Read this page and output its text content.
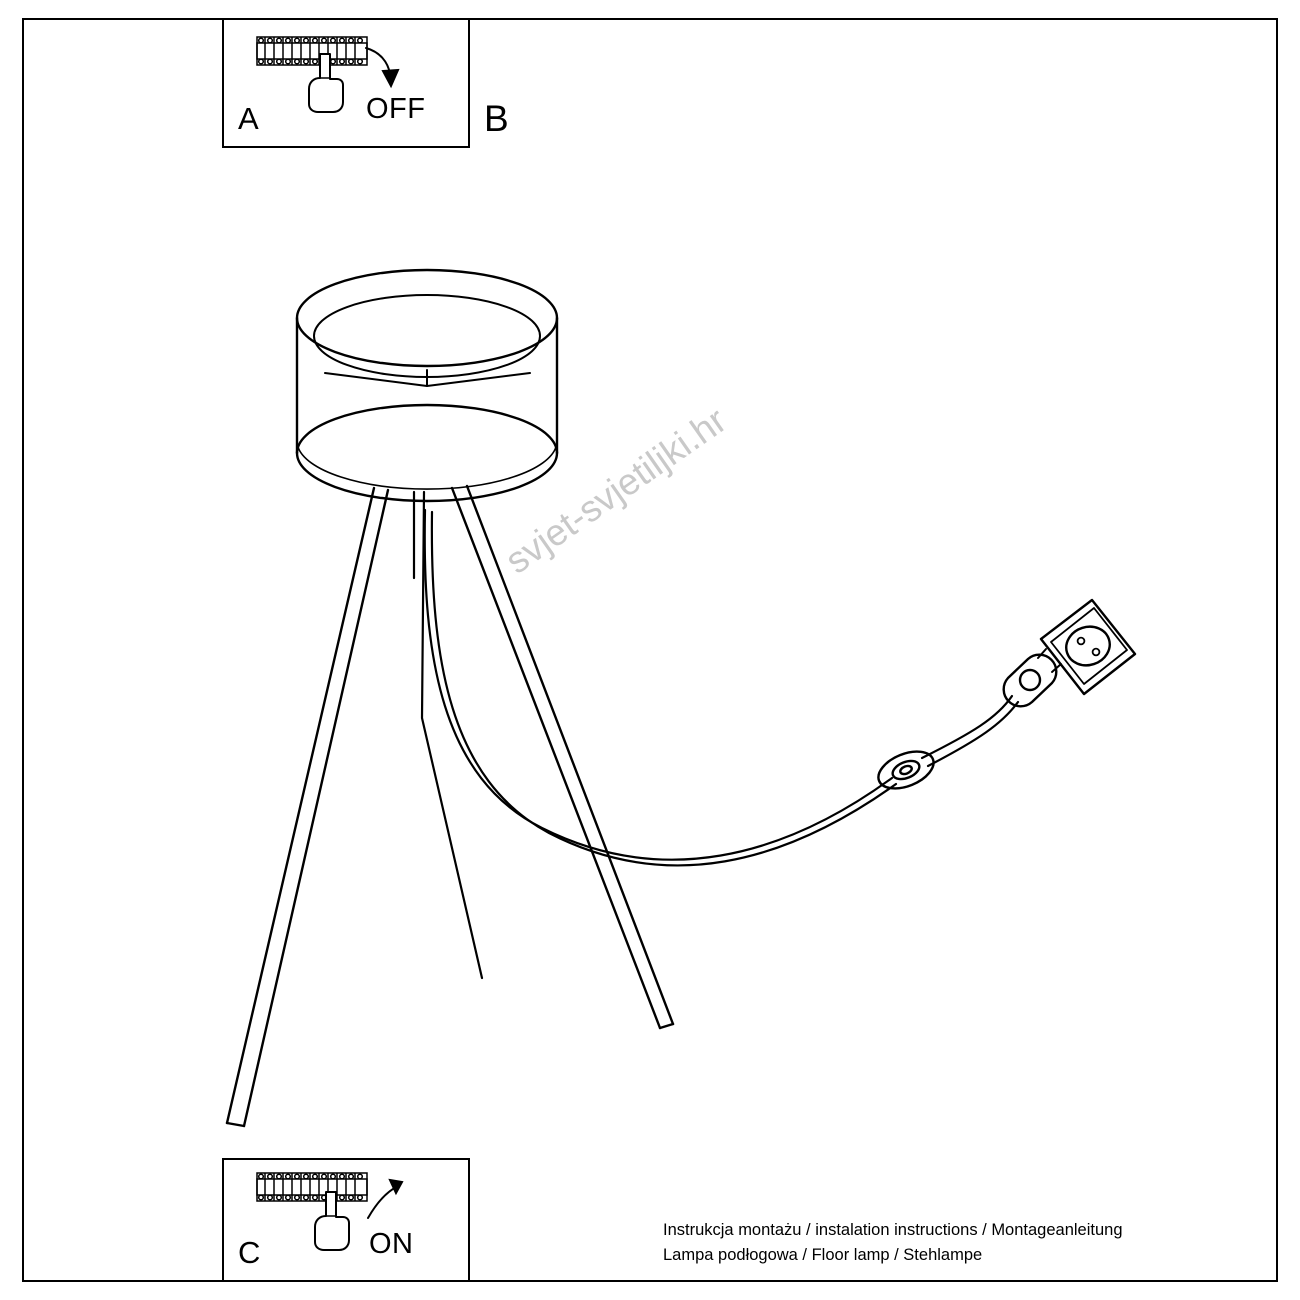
svjet-svjetiljki.hr
A	OFF B
C	ON	Instrukcja montażu / instalation instructions / Montageanleitung
Lampa podłogowa / Floor lamp / Stehlampe
